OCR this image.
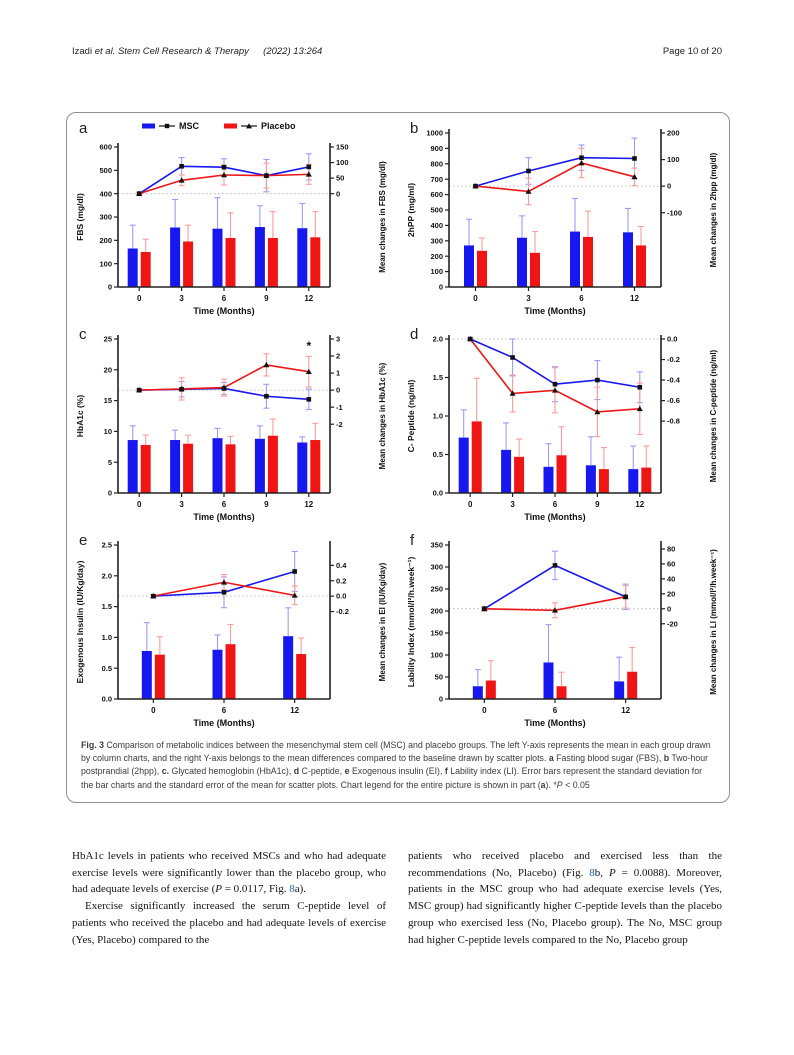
Izadi et al. Stem Cell Research & Therapy   (2022) 13:264	Page 10 of 20
0
100
200
300
400
500
600	150
100
50
0
0	3	6	9	12
Time (Months)
FBS (mg/dl)	Mean changes in FBS (mg/dl)
a	MSC	Placebo
0
100
200
300
400
500
600
700
800
900
1000	200
100
0
-100
0	3	6	12
Time (Months)
2hPP (mg/ml)	Mean changes in 2hpp (mg/dl)
b
0
5
10
15
20
25	3
2
1
0
-1
-2
0	3	6	9	12
Time (Months)
HbA1c (%)	Mean changes in HbA1c (%)
c
*
0.0
0.5
1.0
1.5
2.0	0.0
-0.2
-0.4
-0.6
-0.8
0	3	6	9	12
Time (Months)
C- Peptide (ng/ml)	Mean changes in C-peptide (ng/ml)
d
0.0
0.5
1.0
1.5
2.0
2.5
0.4
0.2
0.0
-0.2
0	6	12
Time (Months)
Exogenous Insulin (IU/Kg/day)	Mean changes in EI (IU/Kg/day)
e
0
50
100
150
200
250
300
350	80
60
40
20
0
-20
0	6	12
Time (Months)
Lability Index (mmol/l²/h.week⁻¹)	Mean changes in LI (mmol/l²/h.week⁻¹)
f
Fig. 3 Comparison of metabolic indices between the mesenchymal stem cell (MSC) and placebo groups. The left Y-axis represents the mean in each group drawn by column charts, and the right Y-axis belongs to the mean differences compared to the baseline drawn by scatter plots. a Fasting blood sugar (FBS), b Two-hour postprandial (2hpp), c. Glycated hemoglobin (HbA1c), d C-peptide, e Exogenous insulin (EI), f Lability index (LI). Error bars represent the standard deviation for the bar charts and the standard error of the mean for scatter plots. Chart legend for the entire picture is shown in part (a). *P < 0.05

HbA1c levels in patients who received MSCs and who had adequate exercise levels were significantly lower than the placebo group, who had adequate levels of exercise (P = 0.0117, Fig. 8a).

Exercise significantly increased the serum C-peptide level of patients who received the placebo and had adequate levels of exercise (Yes, Placebo) compared to the

patients who received placebo and exercised less than the recommendations (No, Placebo) (Fig. 8b, P = 0.0088). Moreover, patients in the MSC group who had adequate exercise levels (Yes, MSC group) had significantly higher C-peptide levels than the placebo group who exercised less (No, Placebo group). The No, MSC group had higher C-peptide levels compared to the No, Placebo group
